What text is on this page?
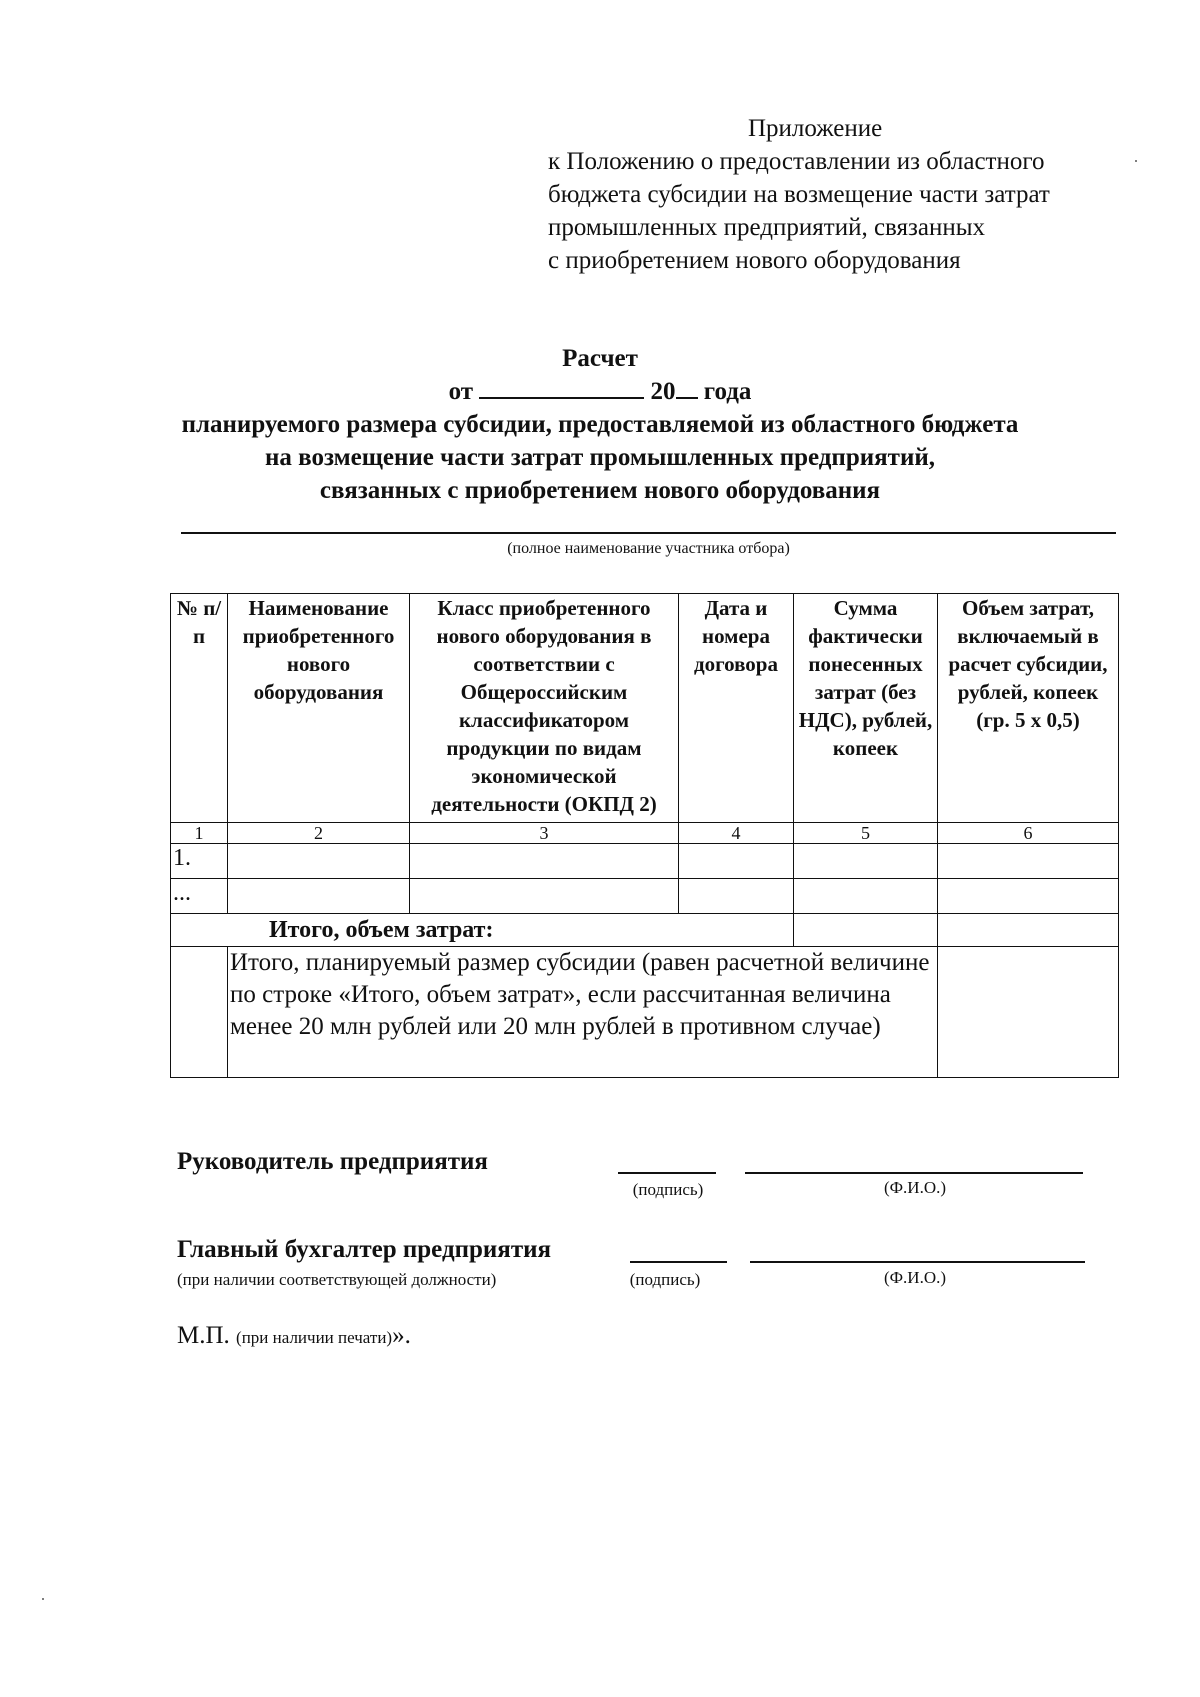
Приложение
к Положению о предоставлении из областного
бюджета субсидии на возмещение части затрат
промышленных предприятий, связанных
с приобретением нового оборудования
Расчет
от	20 года
планируемого размера субсидии, предоставляемой из областного бюджета
на возмещение части затрат промышленных предприятий,
связанных с приобретением нового оборудования
(полное наименование участника отбора)
№ п/п	Наименование приобретенного нового оборудования	Класс приобретенного нового оборудования в соответствии с Общероссийским классификатором продукции по видам экономической деятельности (ОКПД 2)	Дата и номера договора	Сумма фактически понесенных затрат (без НДС), рублей, копеек	Объем затрат, включаемый в расчет субсидии, рублей, копеек (гр. 5 х 0,5)
1	2	3	4	5	6
1.					
...					
Итого, объем затрат:					
	Итого, планируемый размер субсидии (равен расчетной величине по строке «Итого, объем затрат», если рассчитанная величина менее 20 млн рублей или 20 млн рублей в противном случае)				
Руководитель предприятия
(подпись)	(Ф.И.О.)
Главный бухгалтер предприятия
(при наличии соответствующей должности)	(подпись)	(Ф.И.О.)
М.П. (при наличии печати)».
